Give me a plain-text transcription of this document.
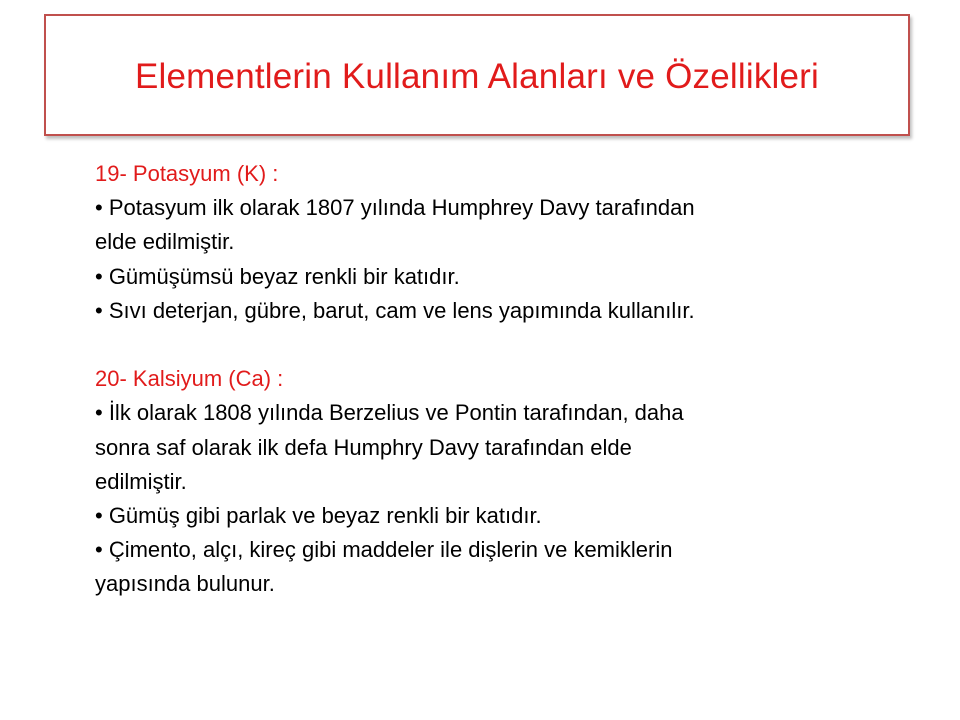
Elementlerin Kullanım Alanları ve Özellikleri
19- Potasyum (K) :
• Potasyum ilk olarak 1807 yılında Humphrey Davy tarafından
elde edilmiştir.
• Gümüşümsü beyaz renkli bir katıdır.
• Sıvı deterjan, gübre, barut, cam ve lens yapımında kullanılır.
20- Kalsiyum (Ca) :
• İlk olarak 1808 yılında Berzelius ve Pontin tarafından, daha
sonra saf olarak ilk defa Humphry Davy tarafından elde
edilmiştir.
• Gümüş gibi parlak ve beyaz renkli bir katıdır.
• Çimento, alçı, kireç gibi maddeler ile dişlerin ve kemiklerin
yapısında bulunur.
